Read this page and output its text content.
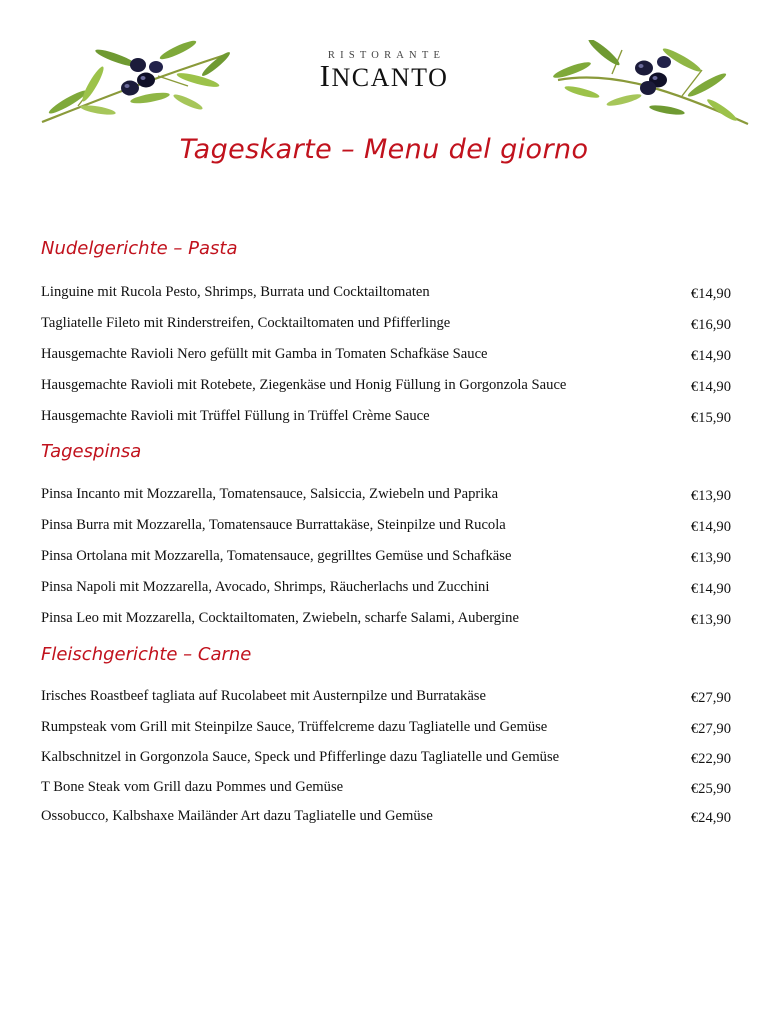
RISTORANTE
INCANTO
Tageskarte – Menu del giorno
Nudelgerichte – Pasta
Linguine mit Rucola Pesto, Shrimps, Burrata und Cocktailtomaten	€14,90
Tagliatelle Fileto mit Rinderstreifen, Cocktailtomaten und Pfifferlinge	€16,90
Hausgemachte Ravioli Nero gefüllt mit Gamba in Tomaten Schafkäse Sauce	€14,90
Hausgemachte Ravioli mit Rotebete, Ziegenkäse und Honig Füllung in Gorgonzola Sauce	€14,90
Hausgemachte Ravioli mit Trüffel Füllung in Trüffel Crème Sauce	€15,90
Tagespinsa
Pinsa Incanto mit Mozzarella, Tomatensauce, Salsiccia, Zwiebeln und Paprika	€13,90
Pinsa Burra mit Mozzarella, Tomatensauce Burrattakäse, Steinpilze und Rucola	€14,90
Pinsa Ortolana mit Mozzarella, Tomatensauce, gegrilltes Gemüse und Schafkäse	€13,90
Pinsa Napoli mit Mozzarella, Avocado, Shrimps, Räucherlachs und Zucchini	€14,90
Pinsa Leo mit Mozzarella, Cocktailtomaten, Zwiebeln, scharfe Salami, Aubergine	€13,90
Fleischgerichte – Carne
Irisches Roastbeef tagliata auf Rucolabeet mit Austernpilze und Burratakäse	€27,90
Rumpsteak vom Grill mit Steinpilze Sauce, Trüffelcreme dazu Tagliatelle und Gemüse	€27,90
Kalbschnitzel in Gorgonzola Sauce, Speck und Pfifferlinge dazu Tagliatelle und Gemüse	€22,90
T Bone Steak vom Grill dazu Pommes und Gemüse	€25,90
Ossobucco, Kalbshaxe Mailänder Art dazu Tagliatelle und Gemüse	€24,90
